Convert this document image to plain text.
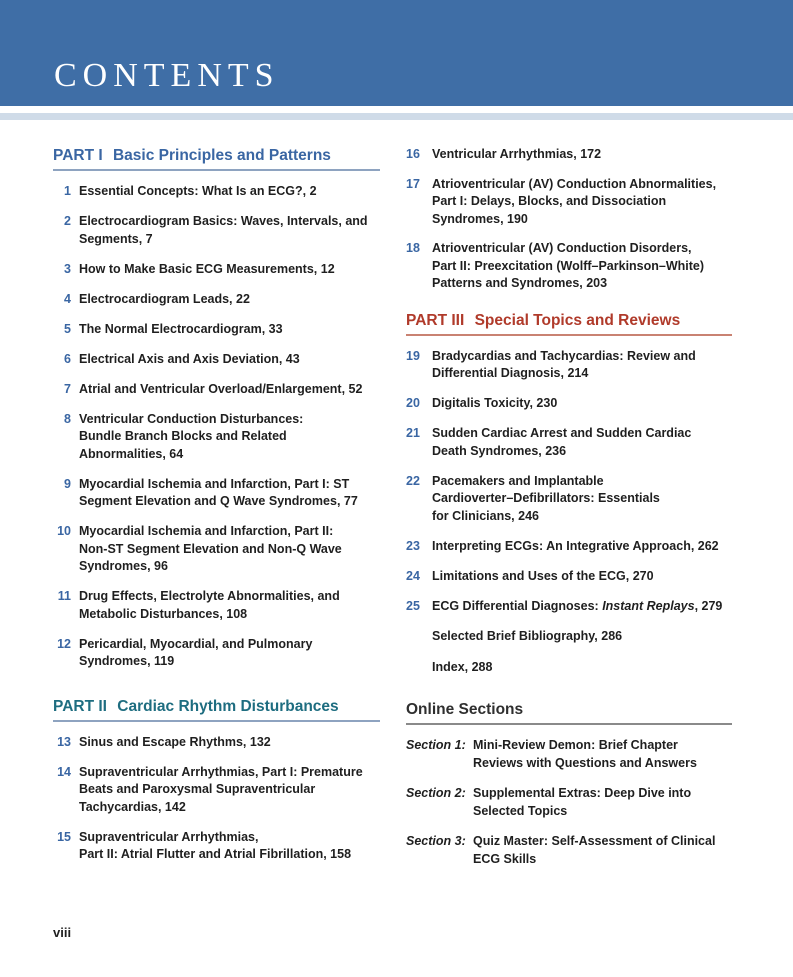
CONTENTS
PART I Basic Principles and Patterns
1 Essential Concepts: What Is an ECG?, 2
2 Electrocardiogram Basics: Waves, Intervals, and
Segments, 7
3 How to Make Basic ECG Measurements, 12
4 Electrocardiogram Leads, 22
5 The Normal Electrocardiogram, 33
6 Electrical Axis and Axis Deviation, 43
7 Atrial and Ventricular Overload/Enlargement, 52
8 Ventricular Conduction Disturbances:
Bundle Branch Blocks and Related
Abnormalities, 64
9 Myocardial Ischemia and Infarction, Part I: ST
Segment Elevation and Q Wave Syndromes, 77
10 Myocardial Ischemia and Infarction, Part II:
Non-ST Segment Elevation and Non-Q Wave
Syndromes, 96
11 Drug Effects, Electrolyte Abnormalities, and
Metabolic Disturbances, 108
12 Pericardial, Myocardial, and Pulmonary
Syndromes, 119
PART II Cardiac Rhythm Disturbances
13 Sinus and Escape Rhythms, 132
14 Supraventricular Arrhythmias, Part I: Premature
Beats and Paroxysmal Supraventricular
Tachycardias, 142
15 Supraventricular Arrhythmias,
Part II: Atrial Flutter and Atrial Fibrillation, 158
16 Ventricular Arrhythmias, 172
17 Atrioventricular (AV) Conduction Abnormalities,
Part I: Delays, Blocks, and Dissociation
Syndromes, 190
18 Atrioventricular (AV) Conduction Disorders,
Part II: Preexcitation (Wolff–Parkinson–White)
Patterns and Syndromes, 203
PART III Special Topics and Reviews
19 Bradycardias and Tachycardias: Review and
Differential Diagnosis, 214
20 Digitalis Toxicity, 230
21 Sudden Cardiac Arrest and Sudden Cardiac
Death Syndromes, 236
22 Pacemakers and Implantable
Cardioverter–Defibrillators: Essentials
for Clinicians, 246
23 Interpreting ECGs: An Integrative Approach, 262
24 Limitations and Uses of the ECG, 270
25 ECG Differential Diagnoses: Instant Replays, 279
Selected Brief Bibliography, 286
Index, 288
Online Sections
Section 1: Mini-Review Demon: Brief Chapter
Reviews with Questions and Answers
Section 2: Supplemental Extras: Deep Dive into
Selected Topics
Section 3: Quiz Master: Self-Assessment of Clinical
ECG Skills
viii
